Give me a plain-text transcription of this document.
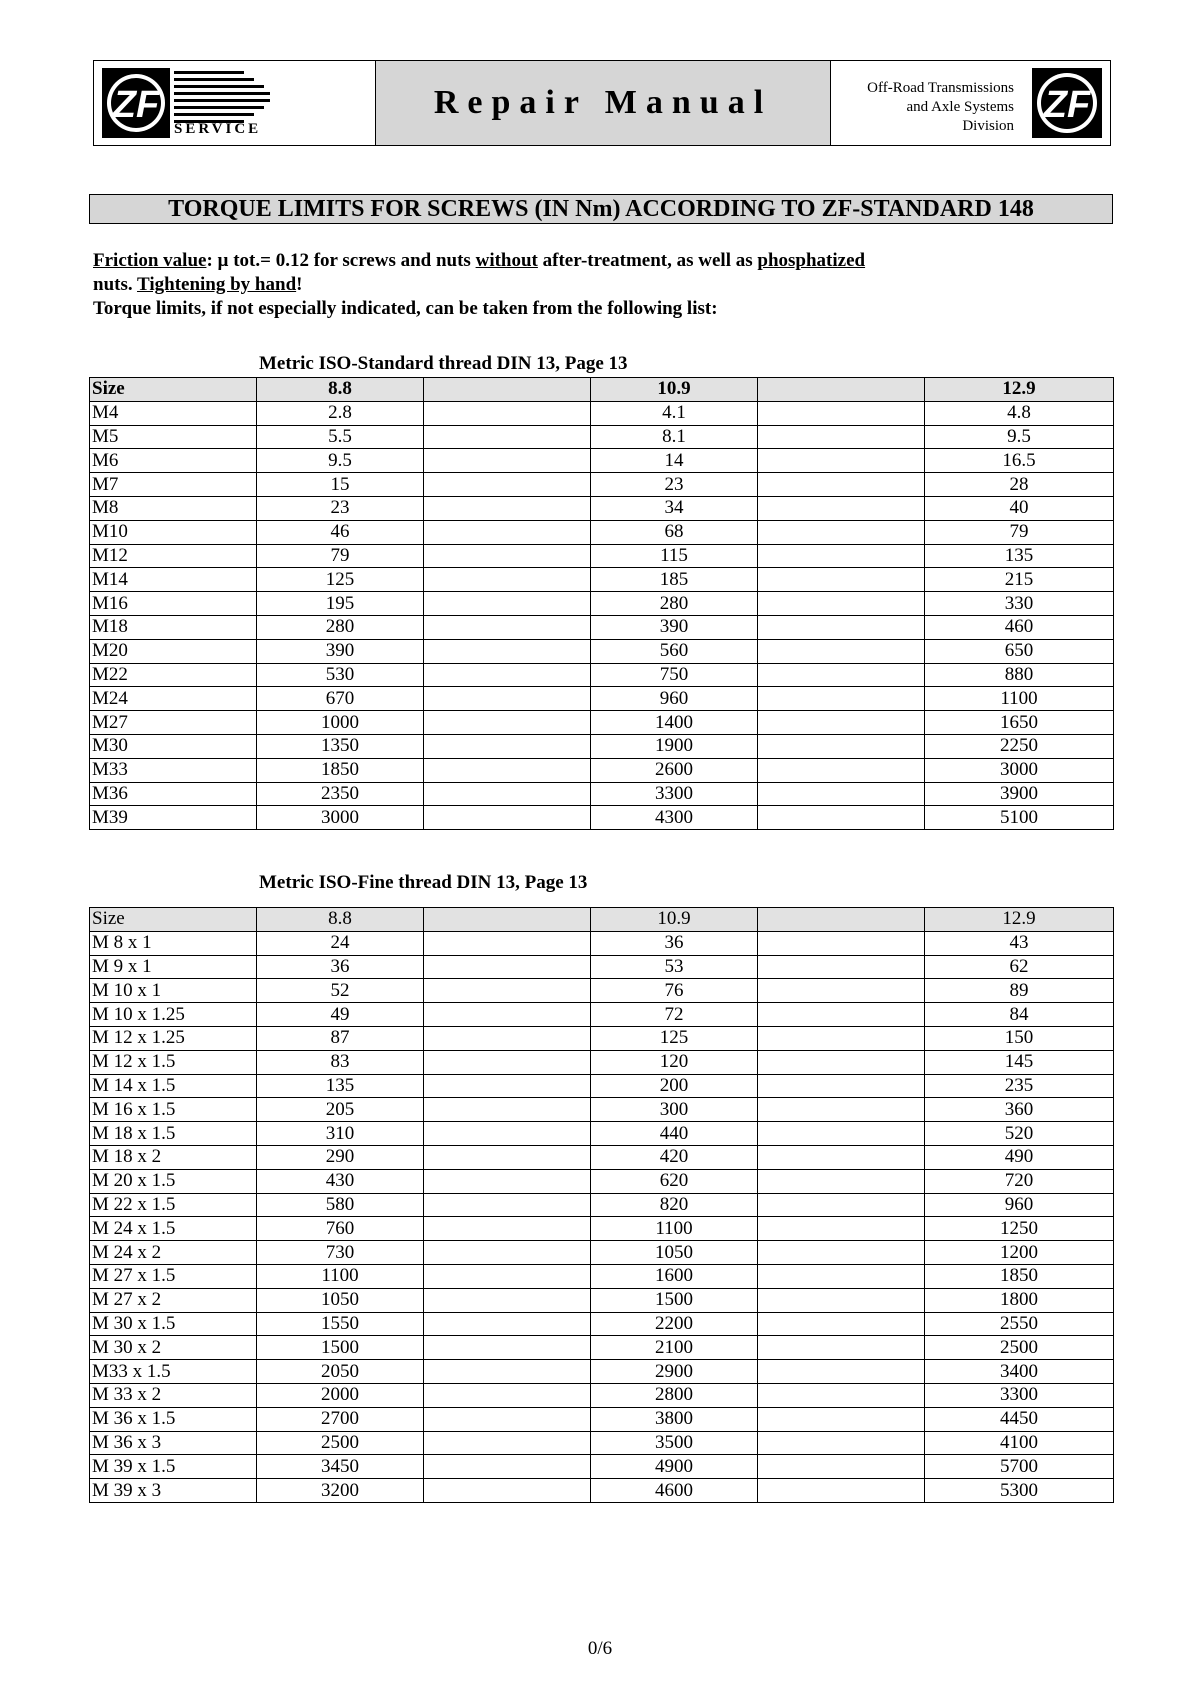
ZF
SERVICE
Repair Manual	Off-Road Transmissions
and Axle Systems
Division ZF
TORQUE LIMITS FOR SCREWS (IN Nm) ACCORDING TO ZF-STANDARD 148
Friction value: µ tot.= 0.12 for screws and nuts without after-treatment, as well as phosphatized
nuts. Tightening by hand!
Torque limits, if not especially indicated, can be taken from the following list:
Metric ISO-Standard thread DIN 13, Page 13
Size	8.8		10.9		12.9
M4	2.8		4.1		4.8
M5	5.5		8.1		9.5
M6	9.5		14		16.5
M7	15		23		28
M8	23		34		40
M10	46		68		79
M12	79		115		135
M14	125		185		215
M16	195		280		330
M18	280		390		460
M20	390		560		650
M22	530		750		880
M24	670		960		1100
M27	1000		1400		1650
M30	1350		1900		2250
M33	1850		2600		3000
M36	2350		3300		3900
M39	3000		4300		5100
Metric ISO-Fine thread DIN 13, Page 13
Size	8.8		10.9		12.9
M 8 x 1	24		36		43
M 9 x 1	36		53		62
M 10 x 1	52		76		89
M 10 x 1.25	49		72		84
M 12 x 1.25	87		125		150
M 12 x 1.5	83		120		145
M 14 x 1.5	135		200		235
M 16 x 1.5	205		300		360
M 18 x 1.5	310		440		520
M 18 x 2	290		420		490
M 20 x 1.5	430		620		720
M 22 x 1.5	580		820		960
M 24 x 1.5	760		1100		1250
M 24 x 2	730		1050		1200
M 27 x 1.5	1100		1600		1850
M 27 x 2	1050		1500		1800
M 30 x 1.5	1550		2200		2550
M 30 x 2	1500		2100		2500
M33 x 1.5	2050		2900		3400
M 33 x 2	2000		2800		3300
M 36 x 1.5	2700		3800		4450
M 36 x 3	2500		3500		4100
M 39 x 1.5	3450		4900		5700
M 39 x 3	3200		4600		5300
0/6
